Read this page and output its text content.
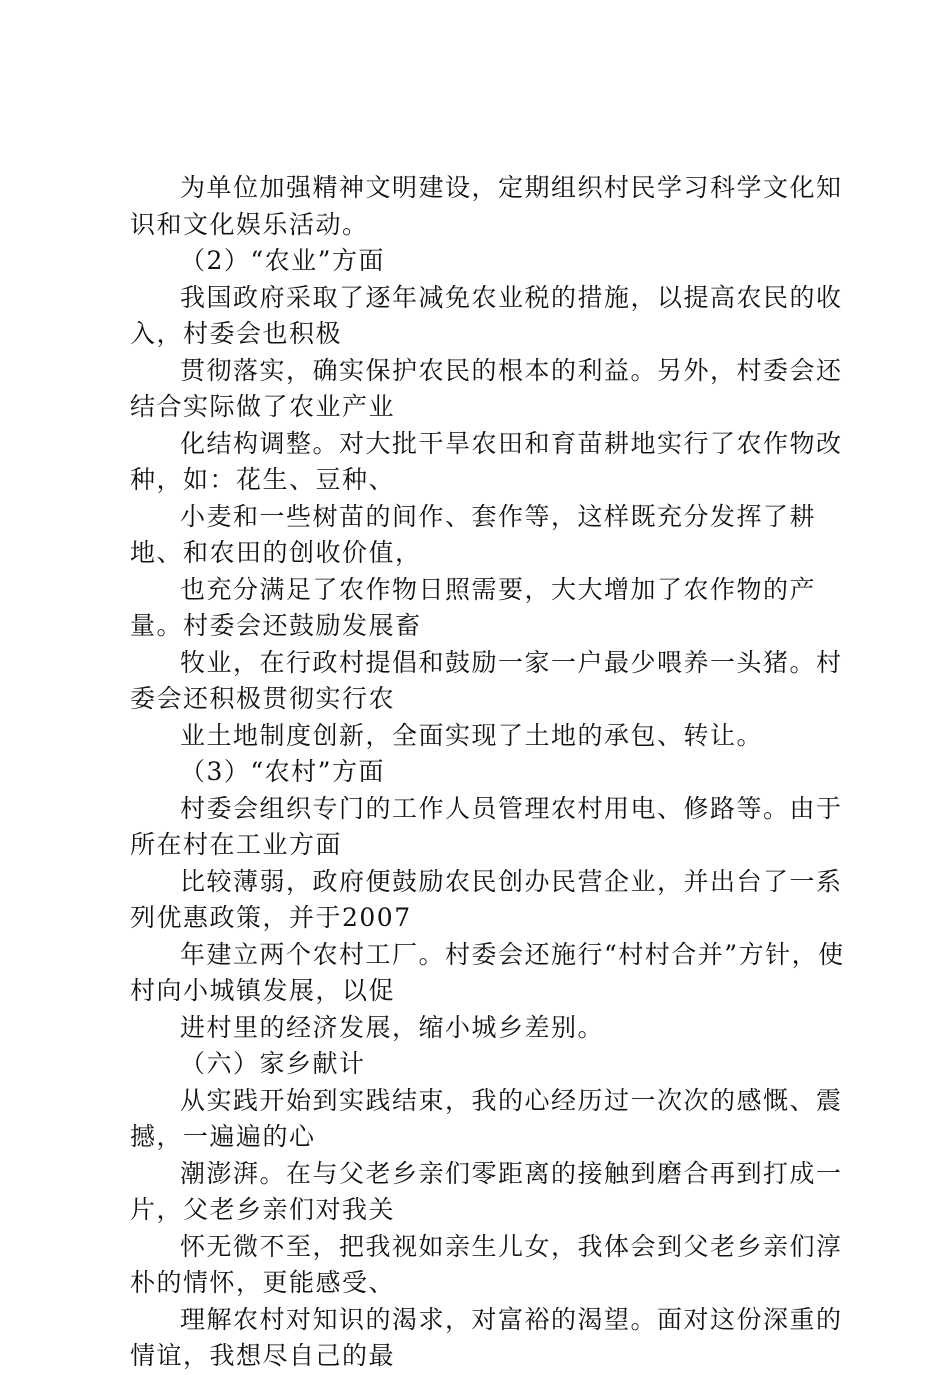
为单位加强精神文明建设，定期组织村民学习科学文化知识和文化娱乐活动。

（2）“农业”方面

我国政府采取了逐年减免农业税的措施，以提高农民的收入，村委会也积极

贯彻落实，确实保护农民的根本的利益。另外，村委会还结合实际做了农业产业

化结构调整。对大批干旱农田和育苗耕地实行了农作物改种，如：花生、豆种、

小麦和一些树苗的间作、套作等，这样既充分发挥了耕地、和农田的创收价值，

也充分满足了农作物日照需要，大大增加了农作物的产量。村委会还鼓励发展畜

牧业，在行政村提倡和鼓励一家一户最少喂养一头猪。村委会还积极贯彻实行农

业土地制度创新，全面实现了土地的承包、转让。

（3）“农村”方面

村委会组织专门的工作人员管理农村用电、修路等。由于所在村在工业方面

比较薄弱，政府便鼓励农民创办民营企业，并出台了一系列优惠政策，并于2007

年建立两个农村工厂。村委会还施行“村村合并”方针，使村向小城镇发展，以促

进村里的经济发展，缩小城乡差别。

（六）家乡献计

从实践开始到实践结束，我的心经历过一次次的感慨、震撼，一遍遍的心

潮澎湃。在与父老乡亲们零距离的接触到磨合再到打成一片，父老乡亲们对我关

怀无微不至，把我视如亲生儿女，我体会到父老乡亲们淳朴的情怀，更能感受、

理解农村对知识的渴求，对富裕的渴望。面对这份深重的情谊，我想尽自己的最
